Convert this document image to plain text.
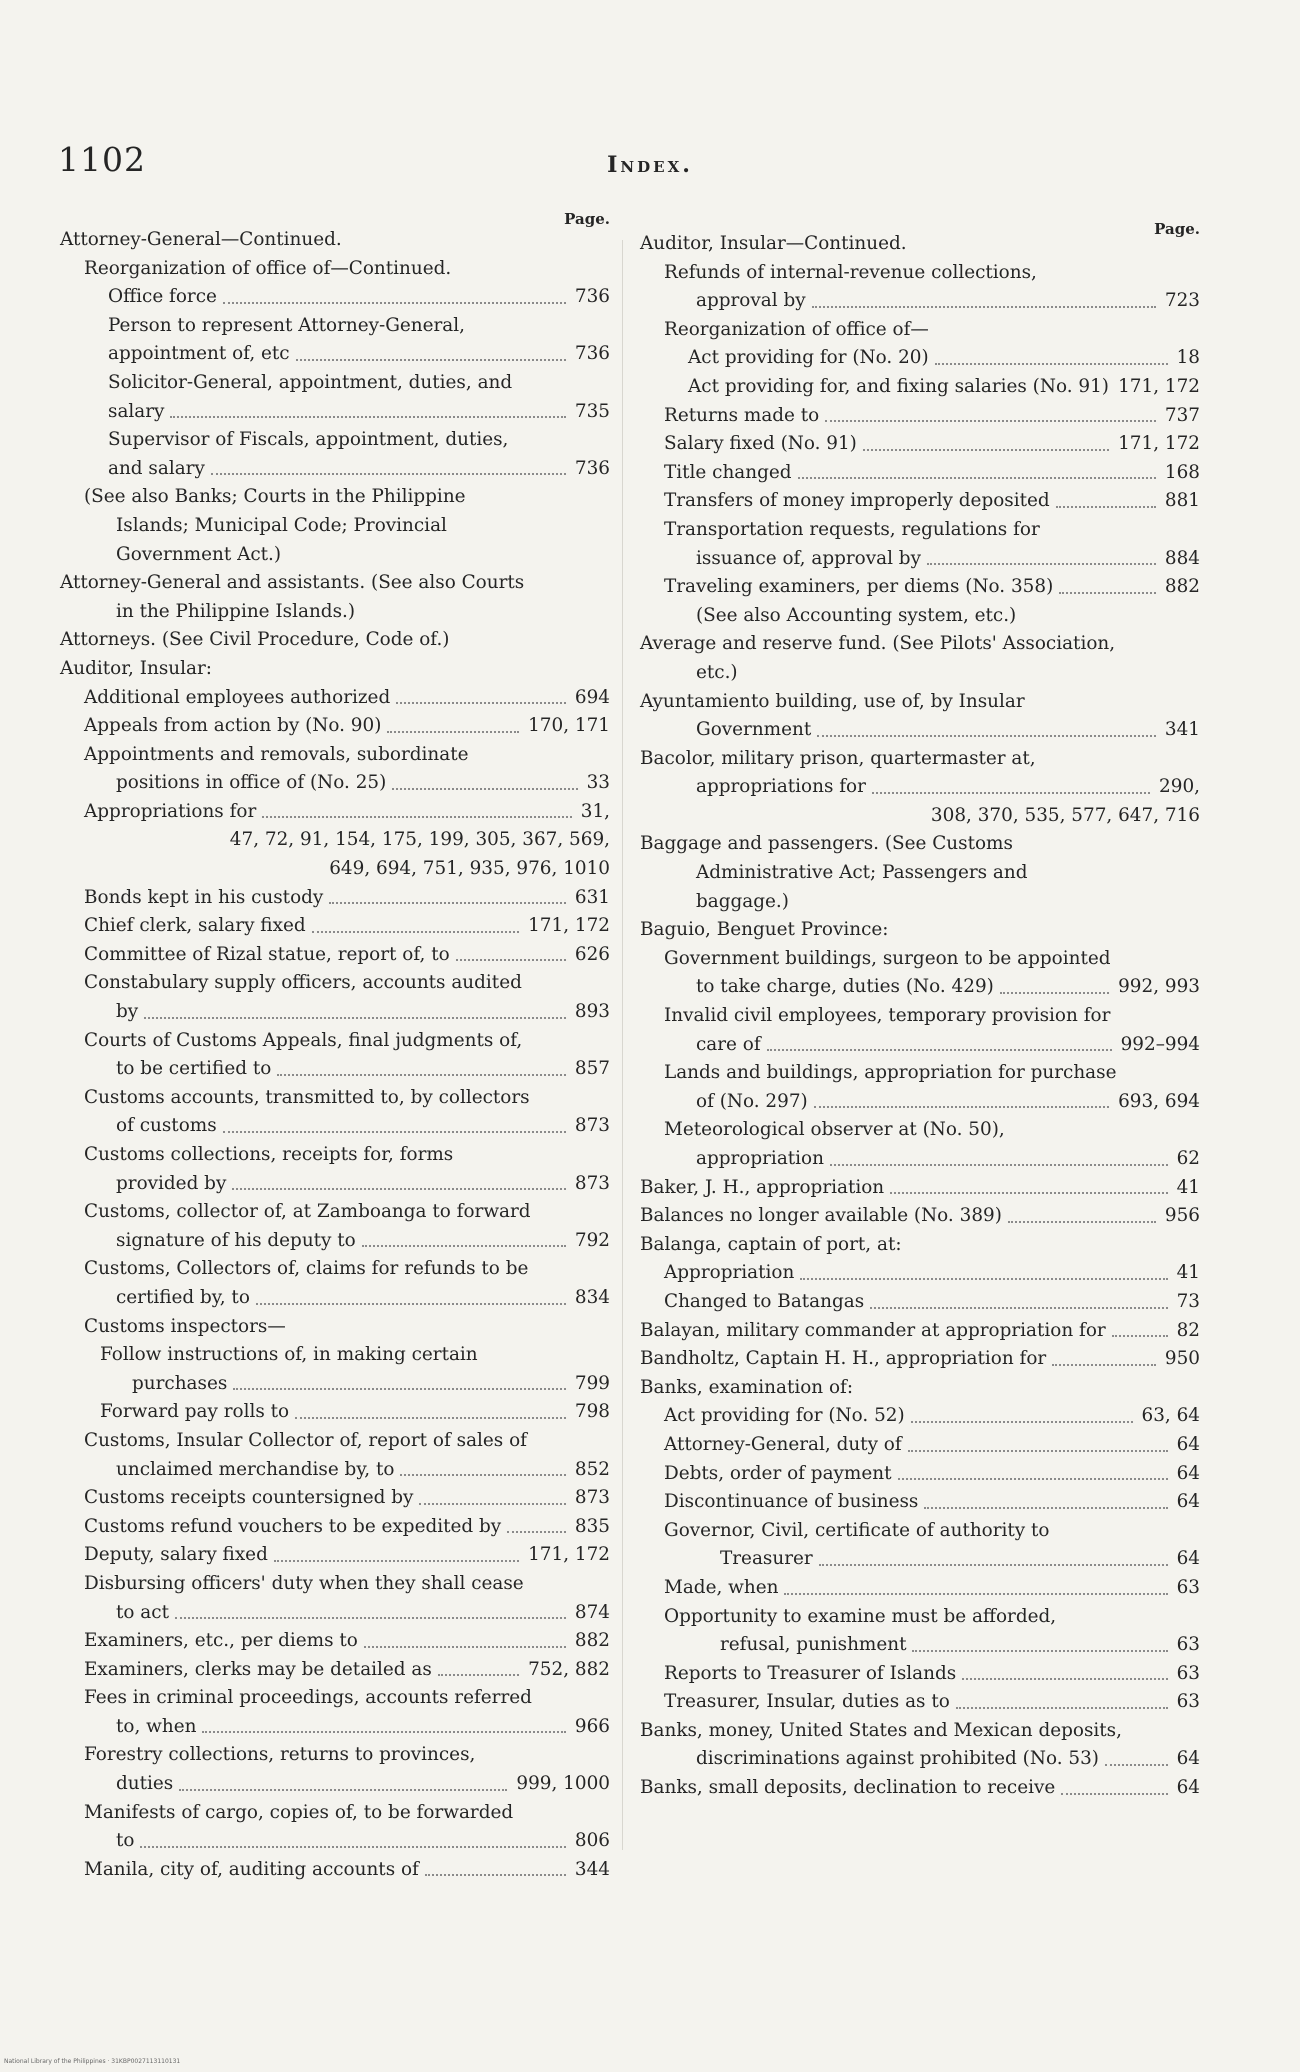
1102	Index.
Page.
Attorney-General—Continued.
Reorganization of office of—Continued.
Office force	736
Person to represent Attorney-General, appointment of, etc	736
Solicitor-General, appointment, duties, and salary	735
Supervisor of Fiscals, appointment, duties, and salary	736
(See also Banks; Courts in the Philippine Islands; Municipal Code; Provincial Government Act.)
Attorney-General and assistants. (See also Courts in the Philippine Islands.)
Attorneys. (See Civil Procedure, Code of.)
Auditor, Insular:
Additional employees authorized	694
Appeals from action by (No. 90)	170, 171
Appointments and removals, subordinate positions in office of (No. 25)	33
Appropriations for	31,
47, 72, 91, 154, 175, 199, 305, 367, 569, 649, 694, 751, 935, 976, 1010
Bonds kept in his custody	631
Chief clerk, salary fixed	171, 172
Committee of Rizal statue, report of, to	626
Constabulary supply officers, accounts audited by	893
Courts of Customs Appeals, final judgments of, to be certified to	857
Customs accounts, transmitted to, by collectors of customs	873
Customs collections, receipts for, forms provided by	873
Customs, collector of, at Zamboanga to forward signature of his deputy to	792
Customs, Collectors of, claims for refunds to be certified by, to	834
Customs inspectors—
Follow instructions of, in making certain purchases	799
Forward pay rolls to	798
Customs, Insular Collector of, report of sales of unclaimed merchandise by, to	852
Customs receipts countersigned by	873
Customs refund vouchers to be expedited by	835
Deputy, salary fixed	171, 172
Disbursing officers' duty when they shall cease to act	874
Examiners, etc., per diems to	882
Examiners, clerks may be detailed as	752, 882
Fees in criminal proceedings, accounts referred to, when	966
Forestry collections, returns to provinces, duties	999, 1000
Manifests of cargo, copies of, to be forwarded to	806
Manila, city of, auditing accounts of	344
Page.
Auditor, Insular—Continued.
Refunds of internal-revenue collections, approval by	723
Reorganization of office of—
Act providing for (No. 20)	18
Act providing for, and fixing salaries (No. 91) 171, 172
Returns made to	737
Salary fixed (No. 91)	171, 172
Title changed	168
Transfers of money improperly deposited	881
Transportation requests, regulations for issuance of, approval by	884
Traveling examiners, per diems (No. 358)	882
(See also Accounting system, etc.)
Average and reserve fund. (See Pilots' Association, etc.)
Ayuntamiento building, use of, by Insular Government	341
Bacolor, military prison, quartermaster at, appropriations for	290,
308, 370, 535, 577, 647, 716
Baggage and passengers. (See Customs Administrative Act; Passengers and baggage.)
Baguio, Benguet Province:
Government buildings, surgeon to be appointed to take charge, duties (No. 429)	992, 993
Invalid civil employees, temporary provision for care of	992–994
Lands and buildings, appropriation for purchase of (No. 297)	693, 694
Meteorological observer at (No. 50), appropriation	62
Baker, J. H., appropriation	41
Balances no longer available (No. 389)	956
Balanga, captain of port, at:
Appropriation	41
Changed to Batangas	73
Balayan, military commander at appropriation for	82
Bandholtz, Captain H. H., appropriation for	950
Banks, examination of:
Act providing for (No. 52)	63, 64
Attorney-General, duty of	64
Debts, order of payment	64
Discontinuance of business	64
Governor, Civil, certificate of authority to Treasurer	64
Made, when	63
Opportunity to examine must be afforded, refusal, punishment	63
Reports to Treasurer of Islands	63
Treasurer, Insular, duties as to	63
Banks, money, United States and Mexican deposits, discriminations against prohibited (No. 53)	64
Banks, small deposits, declination to receive	64
National Library of the Philippines · 31KBP0027113110131
